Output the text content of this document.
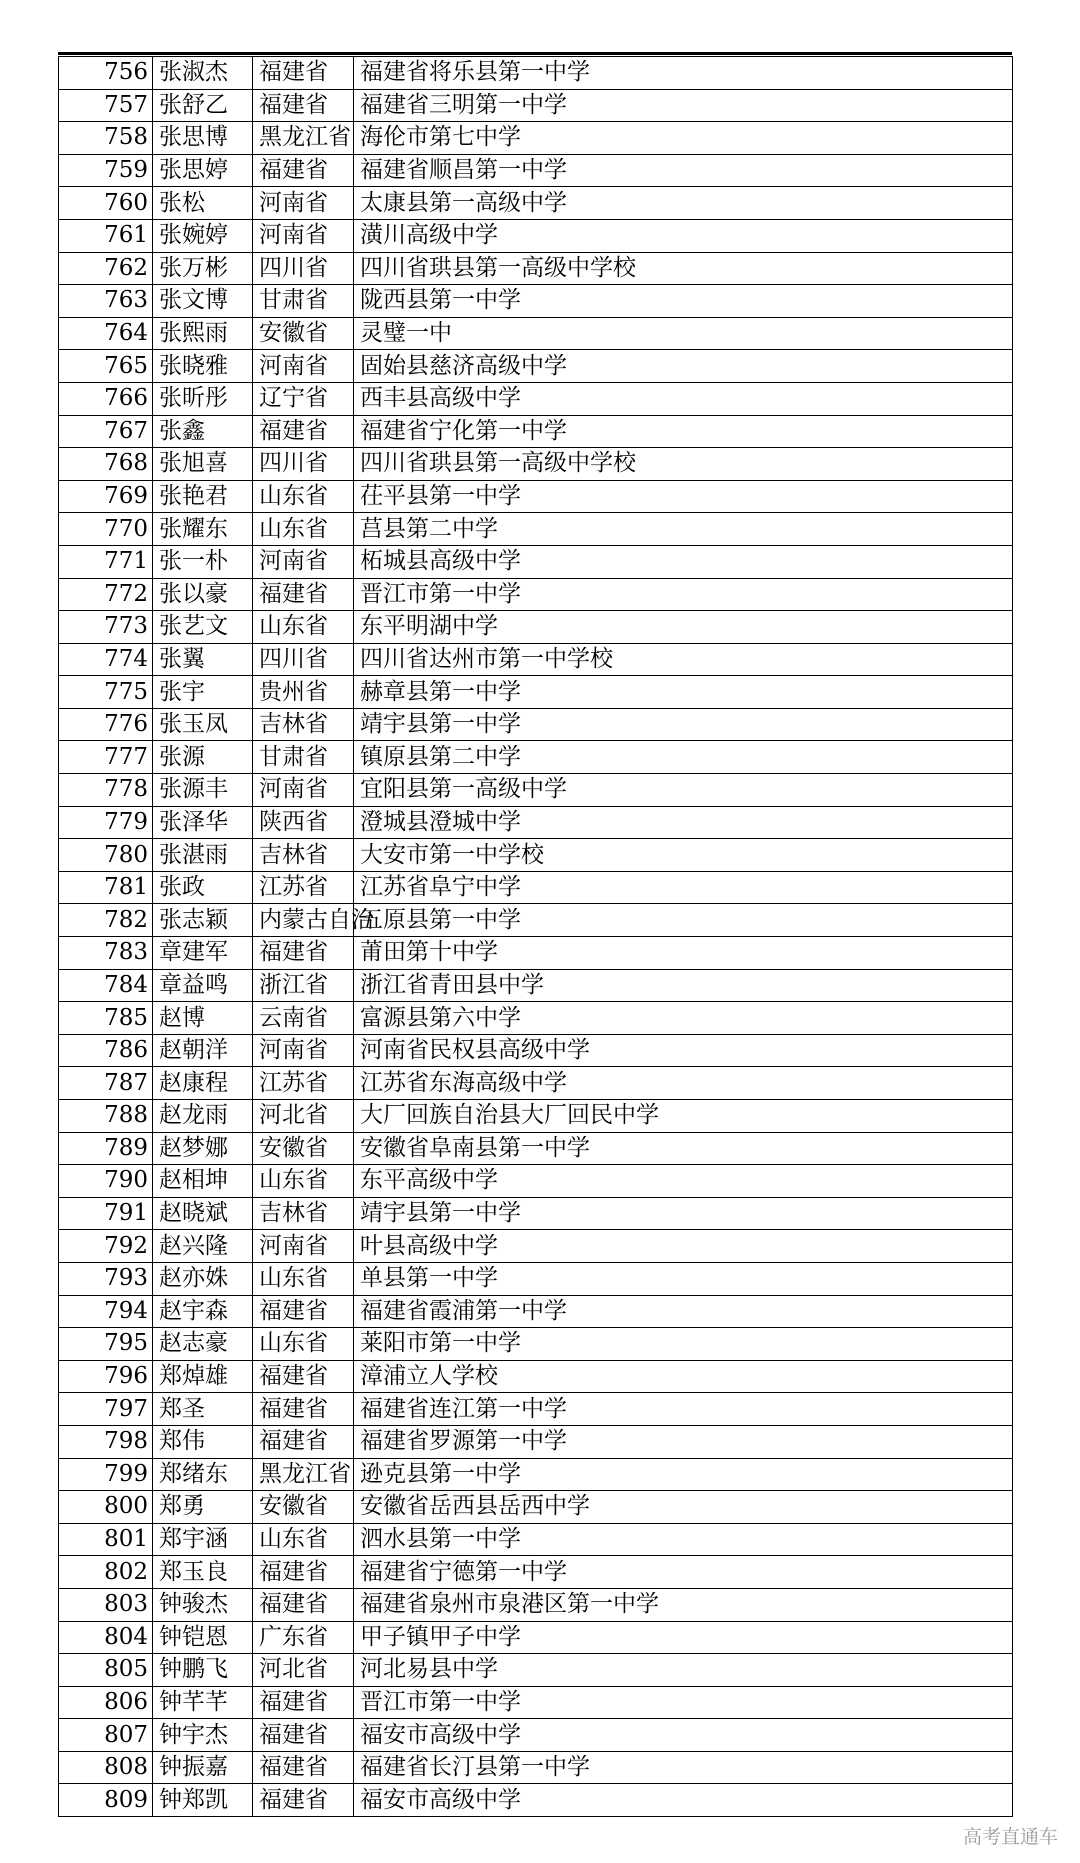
756	张淑杰	福建省	福建省将乐县第一中学
757	张舒乙	福建省	福建省三明第一中学
758	张思博	黑龙江省	海伦市第七中学
759	张思婷	福建省	福建省顺昌第一中学
760	张松	河南省	太康县第一高级中学
761	张婉婷	河南省	潢川高级中学
762	张万彬	四川省	四川省珙县第一高级中学校
763	张文博	甘肃省	陇西县第一中学
764	张熙雨	安徽省	灵璧一中
765	张晓雅	河南省	固始县慈济高级中学
766	张昕彤	辽宁省	西丰县高级中学
767	张鑫	福建省	福建省宁化第一中学
768	张旭喜	四川省	四川省珙县第一高级中学校
769	张艳君	山东省	茌平县第一中学
770	张耀东	山东省	莒县第二中学
771	张一朴	河南省	柘城县高级中学
772	张以豪	福建省	晋江市第一中学
773	张艺文	山东省	东平明湖中学
774	张翼	四川省	四川省达州市第一中学校
775	张宇	贵州省	赫章县第一中学
776	张玉凤	吉林省	靖宇县第一中学
777	张源	甘肃省	镇原县第二中学
778	张源丰	河南省	宜阳县第一高级中学
779	张泽华	陕西省	澄城县澄城中学
780	张湛雨	吉林省	大安市第一中学校
781	张政	江苏省	江苏省阜宁中学
782	张志颖	内蒙古自治	五原县第一中学
783	章建军	福建省	莆田第十中学
784	章益鸣	浙江省	浙江省青田县中学
785	赵博	云南省	富源县第六中学
786	赵朝洋	河南省	河南省民权县高级中学
787	赵康程	江苏省	江苏省东海高级中学
788	赵龙雨	河北省	大厂回族自治县大厂回民中学
789	赵梦娜	安徽省	安徽省阜南县第一中学
790	赵相坤	山东省	东平高级中学
791	赵晓斌	吉林省	靖宇县第一中学
792	赵兴隆	河南省	叶县高级中学
793	赵亦姝	山东省	单县第一中学
794	赵宇森	福建省	福建省霞浦第一中学
795	赵志豪	山东省	莱阳市第一中学
796	郑焯雄	福建省	漳浦立人学校
797	郑圣	福建省	福建省连江第一中学
798	郑伟	福建省	福建省罗源第一中学
799	郑绪东	黑龙江省	逊克县第一中学
800	郑勇	安徽省	安徽省岳西县岳西中学
801	郑宇涵	山东省	泗水县第一中学
802	郑玉良	福建省	福建省宁德第一中学
803	钟骏杰	福建省	福建省泉州市泉港区第一中学
804	钟铠恩	广东省	甲子镇甲子中学
805	钟鹏飞	河北省	河北易县中学
806	钟芊芊	福建省	晋江市第一中学
807	钟宇杰	福建省	福安市高级中学
808	钟振嘉	福建省	福建省长汀县第一中学
809	钟郑凯	福建省	福安市高级中学
高考直通车
